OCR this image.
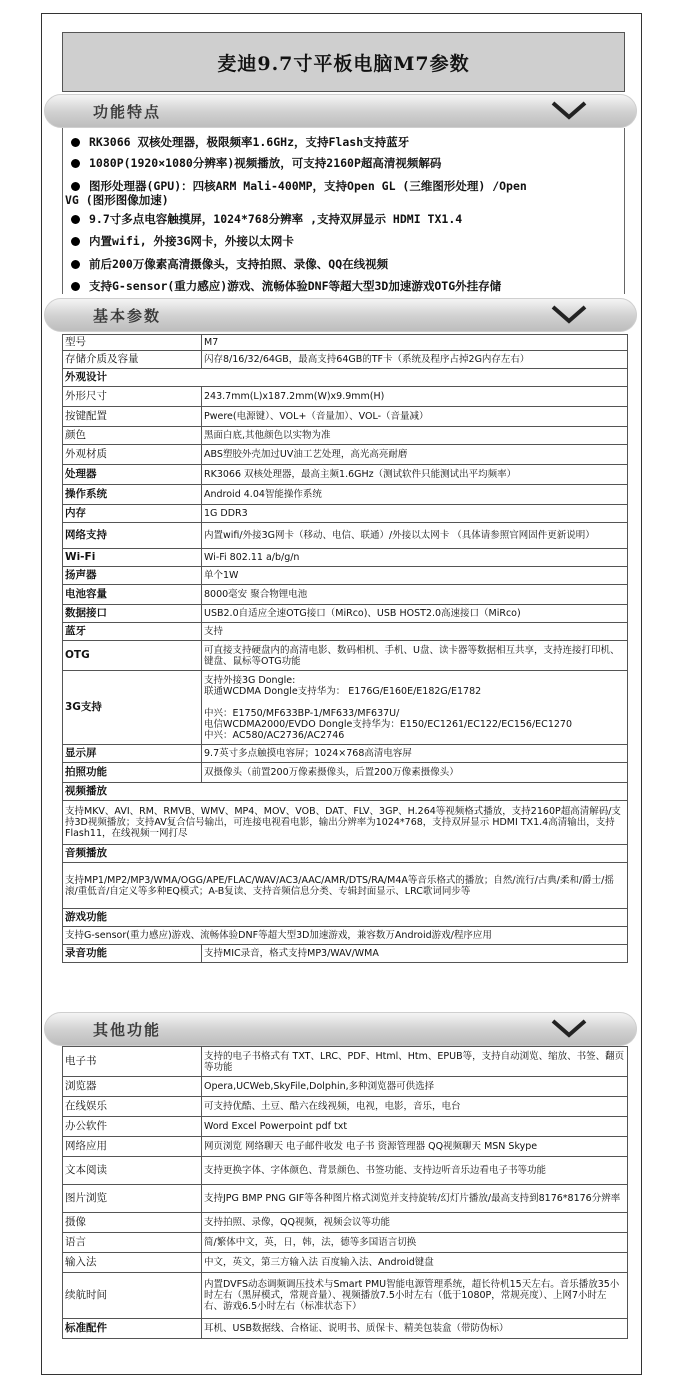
麦迪9.7寸平板电脑M7参数
功能特点
RK3066 双核处理器，极限频率1.6GHz，支持Flash支持蓝牙
1080P(1920×1080分辨率)视频播放，可支持2160P超高清视频解码
图形处理器(GPU)：四核ARM Mali-400MP，支持Open GL (三维图形处理) /Open
VG (图形图像加速)
9.7寸多点电容触摸屏，1024*768分辨率 ,支持双屏显示 HDMI TX1.4
内置wifi, 外接3G网卡，外接以太网卡
前后200万像素高清摄像头，支持拍照、录像、QQ在线视频
支持G-sensor(重力感应)游戏、流畅体验DNF等超大型3D加速游戏OTG外挂存储
基本参数
型号	M7
存储介质及容量	闪存8/16/32/64GB，最高支持64GB的TF卡（系统及程序占掉2G内存左右）
外观设计	
外形尺寸	243.7mm(L)x187.2mm(W)x9.9mm(H)
按键配置	Pwere(电源键）、VOL+（音量加）、VOL-（音量减）
颜色	黑面白底,其他颜色以实物为准
外观材质	ABS塑胶外壳加过UV油工艺处理，高光高亮耐磨
处理器	RK3066 双核处理器，最高主频1.6GHz（测试软件只能测试出平均频率）
操作系统	Android 4.04智能操作系统
内存	1G DDR3
网络支持	内置wifi/外接3G网卡（移动、电信、联通）/外接以太网卡 （具体请参照官网固件更新说明）
Wi-Fi	Wi-Fi 802.11 a/b/g/n
扬声器	单个1W
电池容量	8000毫安 聚合物锂电池
数据接口	USB2.0自适应全速OTG接口（MiRco)、USB HOST2.0高速接口（MiRco)
蓝牙	支持
OTG	可直接支持硬盘内的高清电影、数码相机、手机、U盘、读卡器等数据相互共享，支持连接打印机、键盘、鼠标等OTG功能
3G支持	支持外接3G Dongle:
联通WCDMA Dongle支持华为： E176G/E160E/E182G/E1782

中兴：E1750/MF633BP-1/MF633/MF637U/
电信WCDMA2000/EVDO Dongle支持华为：E150/EC1261/EC122/EC156/EC1270
中兴：AC580/AC2736/AC2746
显示屏	9.7英寸多点触摸电容屏；1024×768高清电容屏
拍照功能	双摄像头（前置200万像素摄像头，后置200万像素摄像头）
视频播放	
支持MKV、AVI、RM、RMVB、WMV、MP4、MOV、VOB、DAT、FLV、3GP、H.264等视频格式播放，支持2160P超高清解码/支持3D视频播放；支持AV复合信号输出，可连接电视看电影，输出分辨率为1024*768，支持双屏显示 HDMI TX1.4高清输出，支持Flash11，在线视频一网打尽	
音频播放	
支持MP1/MP2/MP3/WMA/OGG/APE/FLAC/WAV/AC3/AAC/AMR/DTS/RA/M4A等音乐格式的播放；自然/流行/古典/柔和/爵士/摇滚/重低音/自定义等多种EQ模式；A-B复读、支持音频信息分类、专辑封面显示、LRC歌词同步等	
游戏功能	
支持G-sensor(重力感应)游戏、流畅体验DNF等超大型3D加速游戏，兼容数万Android游戏/程序应用	
录音功能	支持MIC录音，格式支持MP3/WAV/WMA
其他功能
电子书	支持的电子书格式有 TXT、LRC、PDF、Html、Htm、EPUB等，支持自动浏览、缩放、书签、翻页等功能
浏览器	Opera,UCWeb,SkyFile,Dolphin,多种浏览器可供选择
在线娱乐	可支持优酷、土豆、酷六在线视频，电视，电影，音乐，电台
办公软件	Word Excel Powerpoint pdf txt
网络应用	网页浏览 网络聊天 电子邮件收发 电子书 资源管理器 QQ视频聊天 MSN Skype
文本阅读	支持更换字体、字体颜色、背景颜色、书签功能、支持边听音乐边看电子书等功能
图片浏览	支持JPG BMP PNG GIF等各种图片格式浏览并支持旋转/幻灯片播放/最高支持到8176*8176分辨率
摄像	支持拍照、录像，QQ视频，视频会议等功能
语言	简/繁体中文，英，日，韩，法，德等多国语言切换
输入法	中文，英文，第三方输入法 百度输入法、Android键盘
续航时间	内置DVFS动态调频调压技术与Smart PMU智能电源管理系统，超长待机15天左右。音乐播放35小时左右（黑屏模式，常规音量）、视频播放7.5小时左右（低于1080P，常规亮度）、上网7小时左右、游戏6.5小时左右（标准状态下）
标准配件	耳机、USB数据线、合格证、说明书、质保卡、精美包装盒（带防伪标）
